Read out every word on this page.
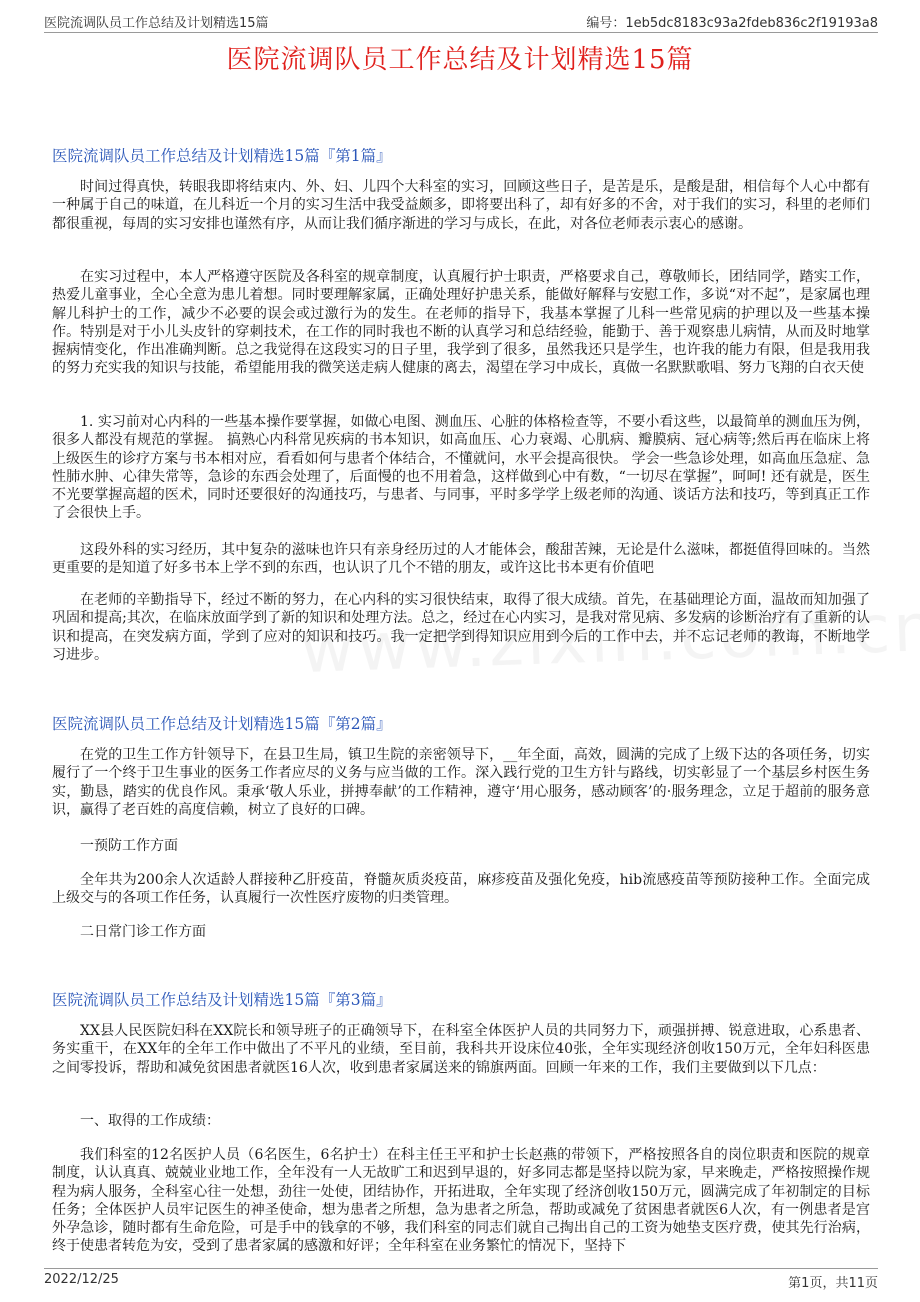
医院流调队员工作总结及计划精选15篇	编号：1eb5dc8183c93a2fdeb836c2f19193a8
医院流调队员工作总结及计划精选15篇
医院流调队员工作总结及计划精选15篇『第1篇』

时间过得真快，转眼我即将结束内、外、妇、儿四个大科室的实习，回顾这些日子，是苦是乐，是酸是甜，相信每个人心中都有一种属于自己的味道，在儿科近一个月的实习生活中我受益颇多，即将要出科了，却有好多的不舍，对于我们的实习，科里的老师们都很重视，每周的实习安排也谨然有序，从而让我们循序渐进的学习与成长，在此，对各位老师表示衷心的感谢。

在实习过程中，本人严格遵守医院及各科室的规章制度，认真履行护士职责，严格要求自己，尊敬师长，团结同学，踏实工作，热爱儿童事业，全心全意为患儿着想。同时要理解家属，正确处理好护患关系，能做好解释与安慰工作，多说“对不起”，是家属也理解儿科护士的工作，减少不必要的误会或过激行为的发生。在老师的指导下，我基本掌握了儿科一些常见病的护理以及一些基本操作。特别是对于小儿头皮针的穿刺技术，在工作的同时我也不断的认真学习和总结经验，能勤于、善于观察患儿病情，从而及时地掌握病情变化，作出准确判断。总之我觉得在这段实习的日子里，我学到了很多，虽然我还只是学生，也许我的能力有限，但是我用我的努力充实我的知识与技能，希望能用我的微笑送走病人健康的离去，渴望在学习中成长，真做一名默默歌唱、努力飞翔的白衣天使

1. 实习前对心内科的一些基本操作要掌握，如做心电图、测血压、心脏的体格检查等，不要小看这些，以最简单的测血压为例，很多人都没有规范的掌握。 搞熟心内科常见疾病的书本知识，如高血压、心力衰竭、心肌病、瓣膜病、冠心病等;然后再在临床上将上级医生的诊疗方案与书本相对应，看看如何与患者个体结合，不懂就问，水平会提高很快。 学会一些急诊处理，如高血压急症、急性肺水肿、心律失常等，急诊的东西会处理了，后面慢的也不用着急，这样做到心中有数，“一切尽在掌握”，呵呵! 还有就是，医生不光要掌握高超的医术，同时还要很好的沟通技巧，与患者、与同事，平时多学学上级老师的沟通、谈话方法和技巧，等到真正工作了会很快上手。

这段外科的实习经历，其中复杂的滋味也许只有亲身经历过的人才能体会，酸甜苦辣，无论是什么滋味，都挺值得回味的。当然更重要的是知道了好多书本上学不到的东西，也认识了几个不错的朋友，或许这比书本更有价值吧

在老师的辛勤指导下，经过不断的努力，在心内科的实习很快结束，取得了很大成绩。首先，在基础理论方面，温故而知加强了巩固和提高;其次，在临床放面学到了新的知识和处理方法。总之，经过在心内实习，是我对常见病、多发病的诊断治疗有了重新的认识和提高，在突发病方面，学到了应对的知识和技巧。我一定把学到得知识应用到今后的工作中去，并不忘记老师的教诲，不断地学习进步。

医院流调队员工作总结及计划精选15篇『第2篇』

在党的卫生工作方针领导下，在县卫生局，镇卫生院的亲密领导下，__年全面，高效，圆满的完成了上级下达的各项任务，切实履行了一个终于卫生事业的医务工作者应尽的义务与应当做的工作。深入践行党的卫生方针与路线，切实彰显了一个基层乡村医生务实，勤恳，踏实的优良作风。秉承‘敬人乐业，拼搏奉献’的工作精神，遵守‘用心服务，感动顾客’的·服务理念，立足于超前的服务意识，赢得了老百姓的高度信赖，树立了良好的口碑。

一预防工作方面

全年共为200余人次适龄人群接种乙肝疫苗，脊髓灰质炎疫苗，麻疹疫苗及强化免疫，hib流感疫苗等预防接种工作。全面完成上级交与的各项工作任务，认真履行一次性医疗废物的归类管理。

二日常门诊工作方面

医院流调队员工作总结及计划精选15篇『第3篇』

XX县人民医院妇科在XX院长和领导班子的正确领导下，在科室全体医护人员的共同努力下，顽强拼搏、锐意进取，心系患者、务实重干，在XX年的全年工作中做出了不平凡的业绩，至目前，我科共开设床位40张，全年实现经济创收150万元，全年妇科医患之间零投诉，帮助和减免贫困患者就医16人次，收到患者家属送来的锦旗两面。回顾一年来的工作，我们主要做到以下几点：

一、取得的工作成绩：

我们科室的12名医护人员（6名医生，6名护士）在科主任王平和护士长赵燕的带领下，严格按照各自的岗位职责和医院的规章制度，认认真真、兢兢业业地工作，全年没有一人无故旷工和迟到早退的，好多同志都是坚持以院为家，早来晚走，严格按照操作规程为病人服务，全科室心往一处想，劲往一处使，团结协作，开拓进取，全年实现了经济创收150万元，圆满完成了年初制定的目标任务；全体医护人员牢记医生的神圣使命，想为患者之所想，急为患者之所急，帮助或减免了贫困患者就医6人次，有一例患者是宫外孕急诊，随时都有生命危险，可是手中的钱拿的不够，我们科室的同志们就自己掏出自己的工资为她垫支医疗费，使其先行治病，终于使患者转危为安，受到了患者家属的感激和好评；全年科室在业务繁忙的情况下，坚持下

2022/12/25	第1页，共11页
